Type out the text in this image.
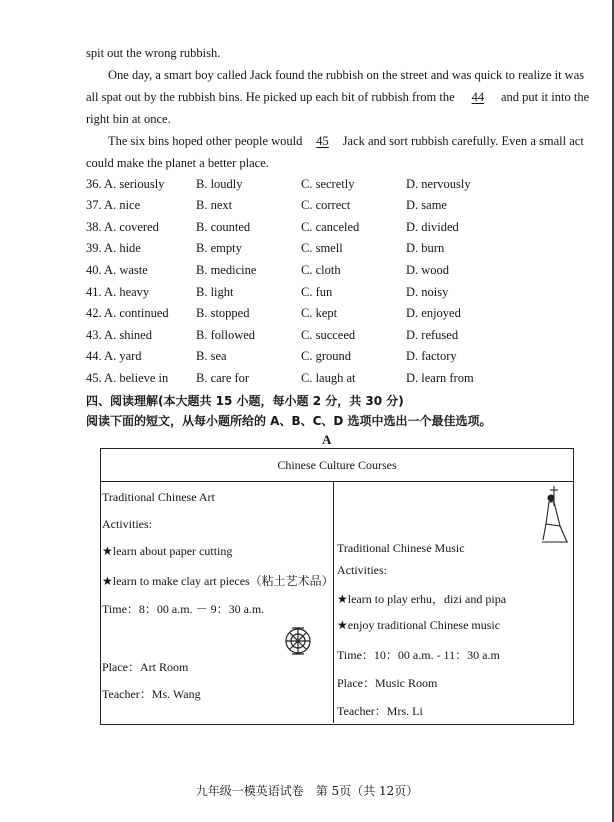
spit out the wrong rubbish.
One day, a smart boy called Jack found the rubbish on the street and was quick to realize it was
all spat out by the rubbish bins. He picked up each bit of rubbish from the 44 and put it into the
right bin at once.
The six bins hoped other people would 45 Jack and sort rubbish carefully. Even a small act
could make the planet a better place.
36. A. seriously	B. loudly	C. secretly	D. nervously
37. A. nice	B. next	C. correct	D. same
38. A. covered	B. counted	C. canceled	D. divided
39. A. hide	B. empty	C. smell	D. burn
40. A. waste	B. medicine	C. cloth	D. wood
41. A. heavy	B. light	C. fun	D. noisy
42. A. continued B. stopped	C. kept	D. enjoyed
43. A. shined	B. followed	C. succeed	D. refused
44. A. yard	B. sea	C. ground	D. factory
45. A. believe in B. care for	C. laugh at	D. learn from
四、阅读理解(本大题共 15 小题，每小题 2 分，共 30 分)
阅读下面的短文，从每小题所给的 A、B、C、D 选项中选出一个最佳选项。
A
Chinese Culture Courses
Traditional Chinese Art
Activities:
★learn about paper cutting
★learn to make clay art pieces（粘土艺术品）
Time：8：00 a.m. － 9：30 a.m.
Place：Art Room
Teacher：Ms. Wang
Traditional Chinese Music
Activities:
★learn to play erhu，dizi and pipa
★enjoy traditional Chinese music
Time：10：00 a.m. - 11：30 a.m
Place：Music Room
Teacher：Mrs. Li
九年级一模英语试卷　第 5页（共 12页）
